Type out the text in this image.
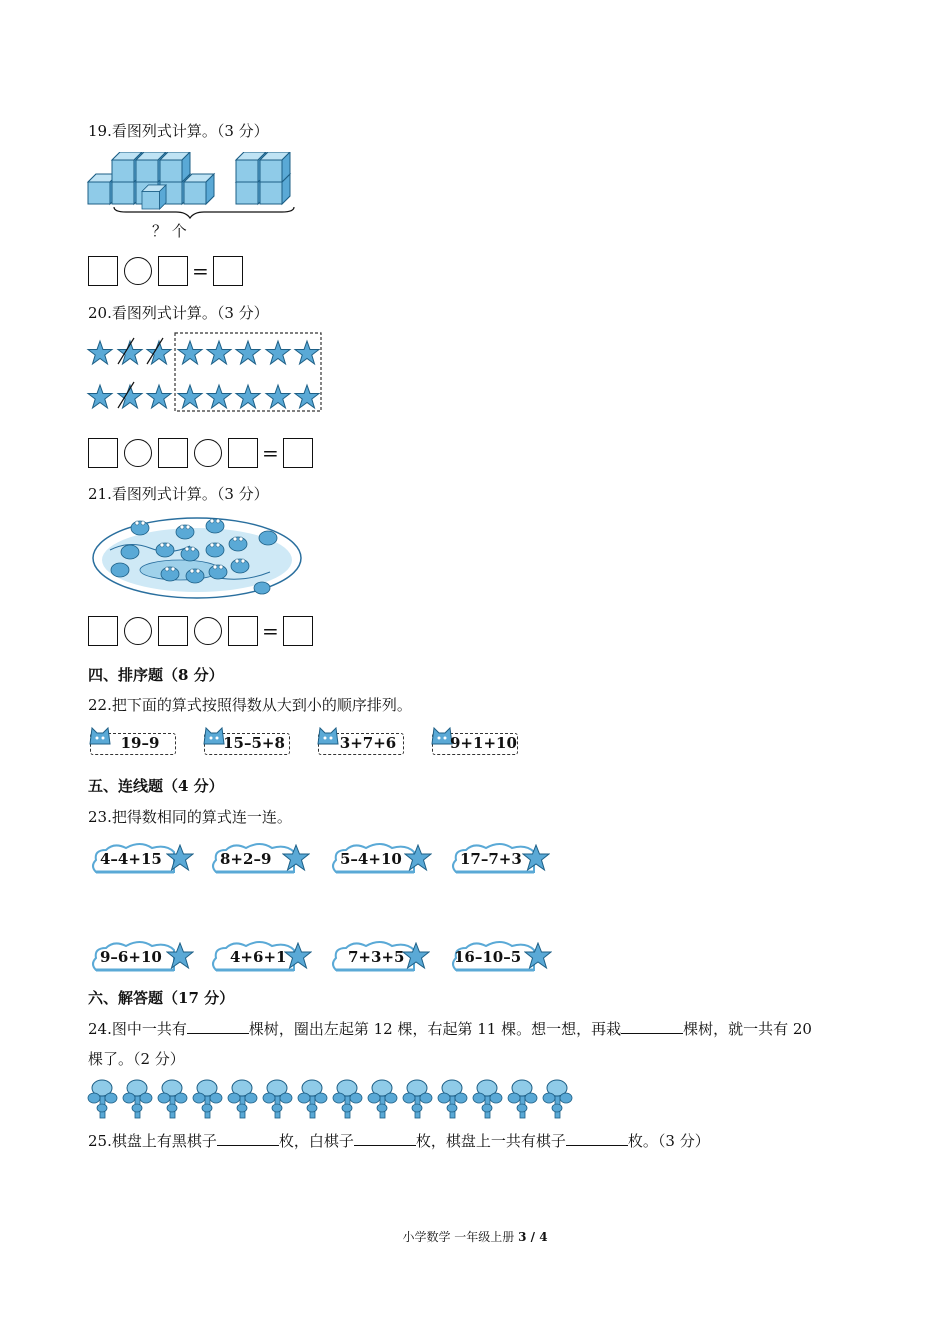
19.看图列式计算。（3 分）
？ 个
=
20.看图列式计算。（3 分）
=
21.看图列式计算。（3 分）
=
四、排序题（8 分）
22.把下面的算式按照得数从大到小的顺序排列。
19–9	15–5+8	3+7+6	9+1+10
五、连线题（4 分）
23.把得数相同的算式连一连。
4–4+15	8+2–9	5–4+10	17–7+3
9–6+10	4+6+1	7+3+5	16–10–5
六、解答题（17 分）
24.图中一共有	棵树，圈出左起第 12 棵，右起第 11 棵。想一想，再栽	棵树，就一共有 20
棵了。（2 分）
25.棋盘上有黑棋子	枚，白棋子	枚，棋盘上一共有棋子	枚。（3 分）
小学数学 一年级上册 3 / 4
